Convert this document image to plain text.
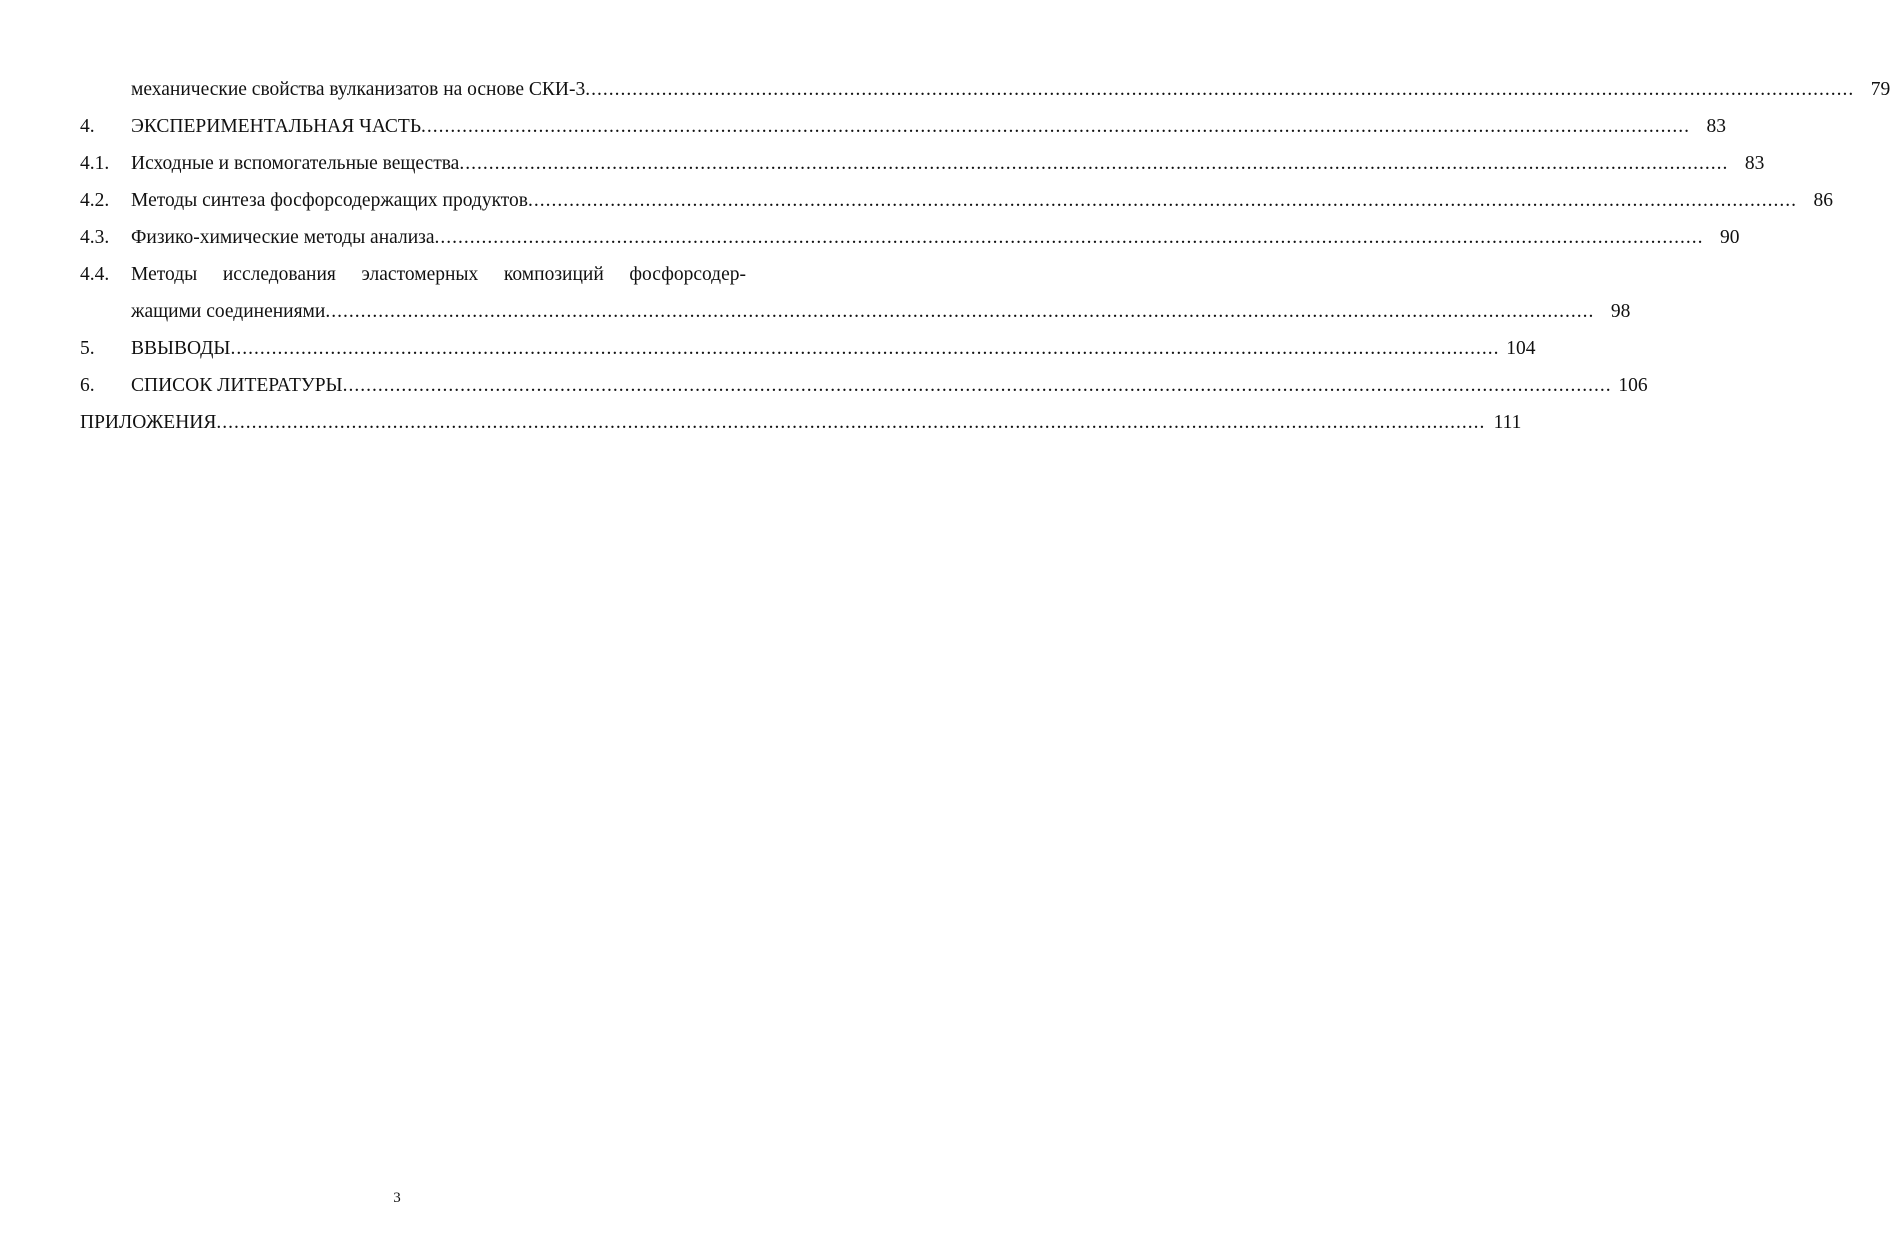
механические свойства вулканизатов на основе СКИ-3 .....	79
4.	ЭКСПЕРИМЕНТАЛЬНАЯ ЧАСТЬ .....	83
4.1.	Исходные и вспомогательные вещества .....	83
4.2.	Методы синтеза фосфорсодержащих продуктов .....	86
4.3.	Физико-химические методы анализа .....	90
4.4.	Методы исследования эластомерных композиций фосфорсодер-
жащими соединениями .....	98
5.	ВВЫВОДЫ .....	104
6.	СПИСОК ЛИТЕРАТУРЫ .....	106
ПРИЛОЖЕНИЯ .....	111
3
